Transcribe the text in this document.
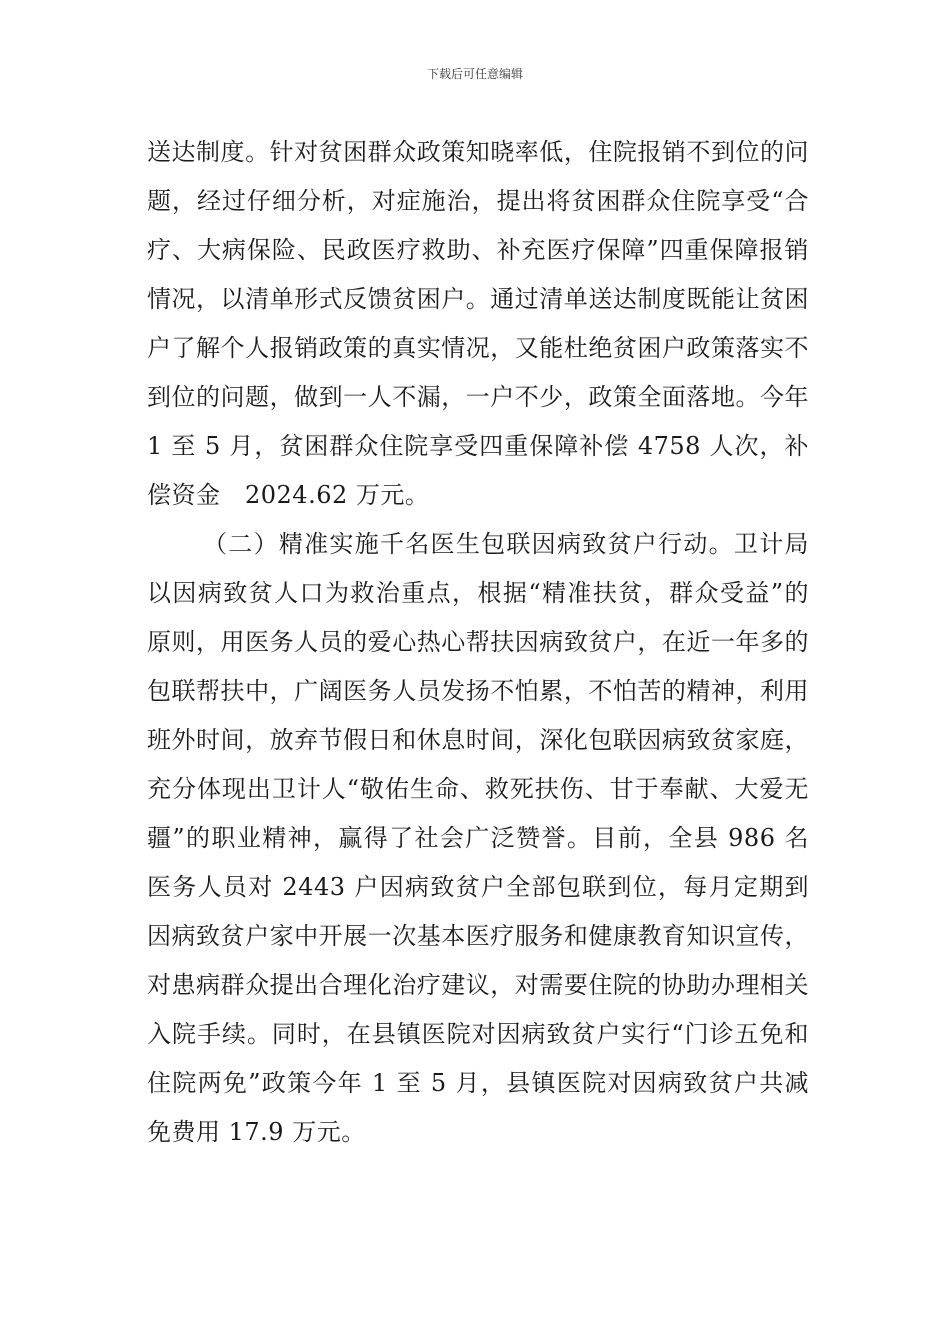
下载后可任意编辑

送达制度。针对贫困群众政策知晓率低，住院报销不到位的问题，经过仔细分析，对症施治，提出将贫困群众住院享受“合疗、大病保险、民政医疗救助、补充医疗保障”四重保障报销情况，以清单形式反馈贫困户。通过清单送达制度既能让贫困户了解个人报销政策的真实情况，又能杜绝贫困户政策落实不到位的问题，做到一人不漏，一户不少，政策全面落地。今年 1 至 5 月，贫困群众住院享受四重保障补偿 4758 人次，补偿资金　2024.62 万元。

（二）精准实施千名医生包联因病致贫户行动。卫计局以因病致贫人口为救治重点，根据“精准扶贫，群众受益”的原则，用医务人员的爱心热心帮扶因病致贫户，在近一年多的包联帮扶中，广阔医务人员发扬不怕累，不怕苦的精神，利用班外时间，放弃节假日和休息时间，深化包联因病致贫家庭，充分体现出卫计人“敬佑生命、救死扶伤、甘于奉献、大爱无疆”的职业精神，赢得了社会广泛赞誉。目前，全县 986 名医务人员对 2443 户因病致贫户全部包联到位，每月定期到因病致贫户家中开展一次基本医疗服务和健康教育知识宣传，对患病群众提出合理化治疗建议，对需要住院的协助办理相关入院手续。同时，在县镇医院对因病致贫户实行“门诊五免和住院两免”政策今年 1 至 5 月，县镇医院对因病致贫户共减免费用 17.9 万元。
